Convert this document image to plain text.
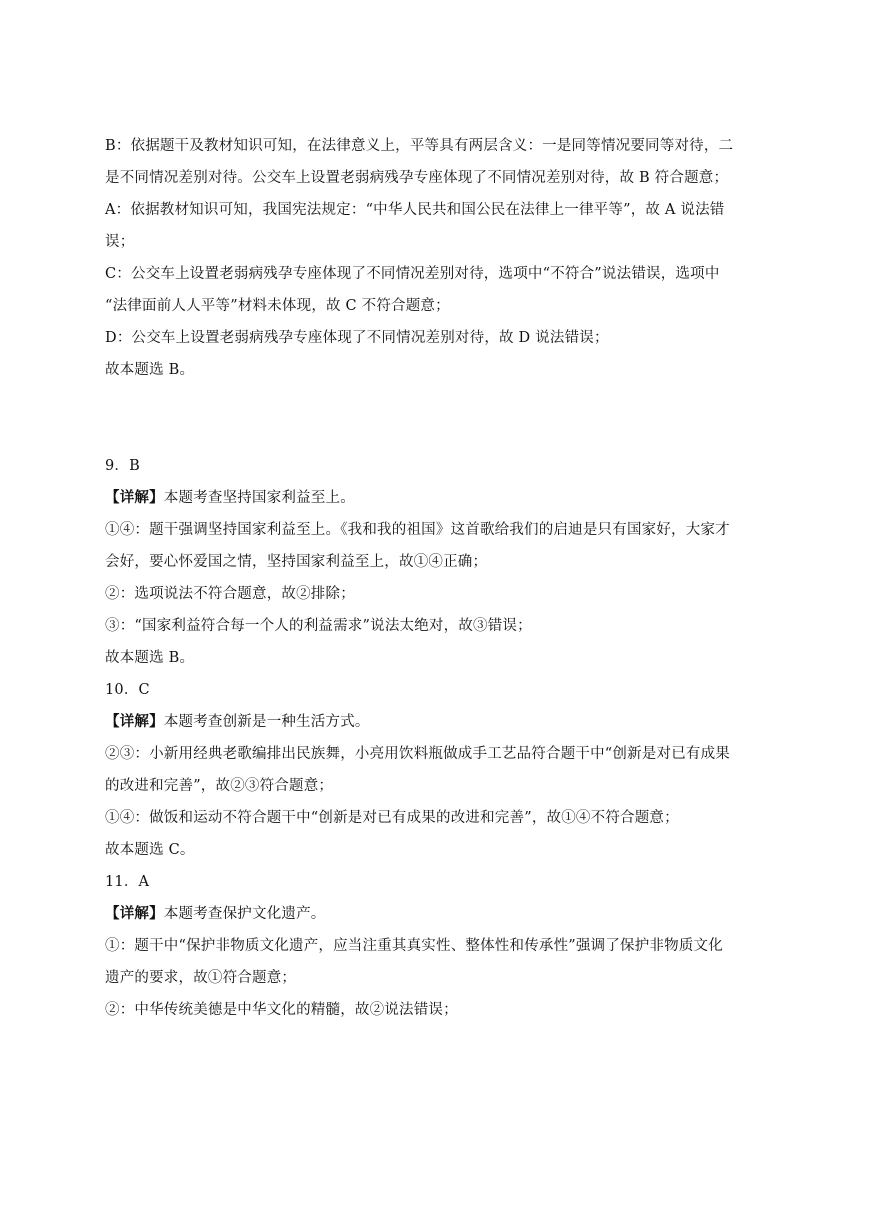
B：依据题干及教材知识可知，在法律意义上，平等具有两层含义：一是同等情况要同等对待，二
是不同情况差别对待。公交车上设置老弱病残孕专座体现了不同情况差别对待，故 B 符合题意；
A：依据教材知识可知，我国宪法规定：“中华人民共和国公民在法律上一律平等”，故 A 说法错
误；
C：公交车上设置老弱病残孕专座体现了不同情况差别对待，选项中“不符合”说法错误，选项中
“法律面前人人平等”材料未体现，故 C 不符合题意；
D：公交车上设置老弱病残孕专座体现了不同情况差别对待，故 D 说法错误；
故本题选 B。
9．B
【详解】本题考查坚持国家利益至上。
①④：题干强调坚持国家利益至上。《我和我的祖国》这首歌给我们的启迪是只有国家好，大家才
会好，要心怀爱国之情，坚持国家利益至上，故①④正确；
②：选项说法不符合题意，故②排除；
③：“国家利益符合每一个人的利益需求”说法太绝对，故③错误；
故本题选 B。
10．C
【详解】本题考查创新是一种生活方式。
②③：小新用经典老歌编排出民族舞，小亮用饮料瓶做成手工艺品符合题干中“创新是对已有成果
的改进和完善”，故②③符合题意；
①④：做饭和运动不符合题干中“创新是对已有成果的改进和完善”，故①④不符合题意；
故本题选 C。
11．A
【详解】本题考查保护文化遗产。
①：题干中“保护非物质文化遗产，应当注重其真实性、整体性和传承性”强调了保护非物质文化
遗产的要求，故①符合题意；
②：中华传统美德是中华文化的精髓，故②说法错误；
